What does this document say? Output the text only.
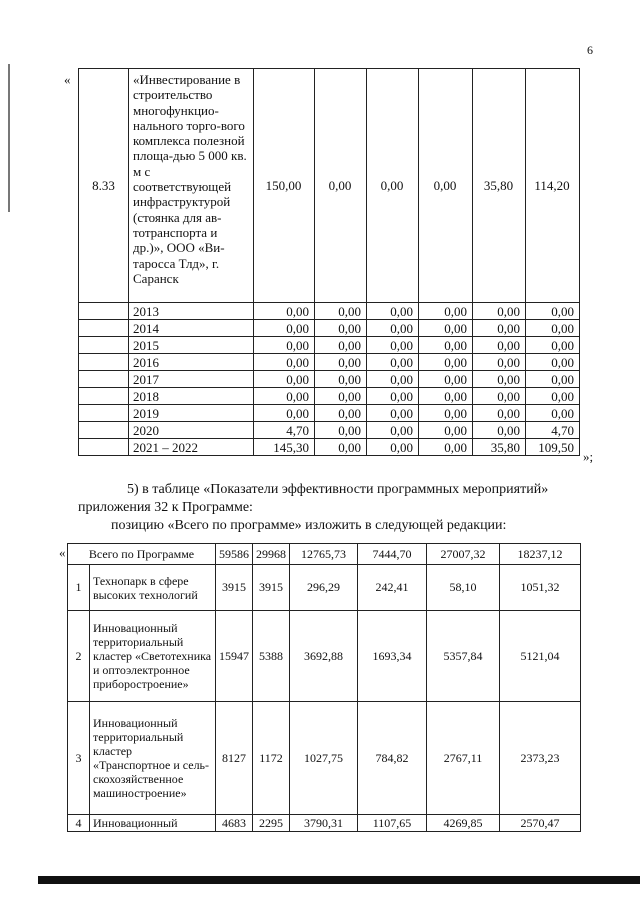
6
«
8.33	«Инвестирование в строительство многофункцио-нального торго-вого комплекса полезной площа-дью 5 000 кв. м с соответствующей инфраструктурой (стоянка для ав-тотранспорта и др.)», ООО «Ви-таросса Тлд», г. Саранск	150,00	0,00	0,00	0,00	35,80	114,20
	2013	0,00	0,00	0,00	0,00	0,00	0,00
	2014	0,00	0,00	0,00	0,00	0,00	0,00
	2015	0,00	0,00	0,00	0,00	0,00	0,00
	2016	0,00	0,00	0,00	0,00	0,00	0,00
	2017	0,00	0,00	0,00	0,00	0,00	0,00
	2018	0,00	0,00	0,00	0,00	0,00	0,00
	2019	0,00	0,00	0,00	0,00	0,00	0,00
	2020	4,70	0,00	0,00	0,00	0,00	4,70
	2021 – 2022	145,30	0,00	0,00	0,00	35,80	109,50
»;
5) в таблице «Показатели эффективности программных мероприятий»
приложения 32 к Программе:
позицию «Всего по программе» изложить в следующей редакции:
« Всего по Программе		59586	29968	12765,73	7444,70	27007,32	18237,12
1	Технопарк в сфере высоких технологий	3915	3915	296,29	242,41	58,10	1051,32
2	Инновационный территориальный кластер «Светотехника и оптоэлектронное приборостроение»	15947	5388	3692,88	1693,34	5357,84	5121,04
3	Инновационный территориальный кластер «Транспортное и сель-скохозяйственное машиностроение»	8127	1172	1027,75	784,82	2767,11	2373,23
4	Инновационный	4683	2295	3790,31	1107,65	4269,85	2570,47
